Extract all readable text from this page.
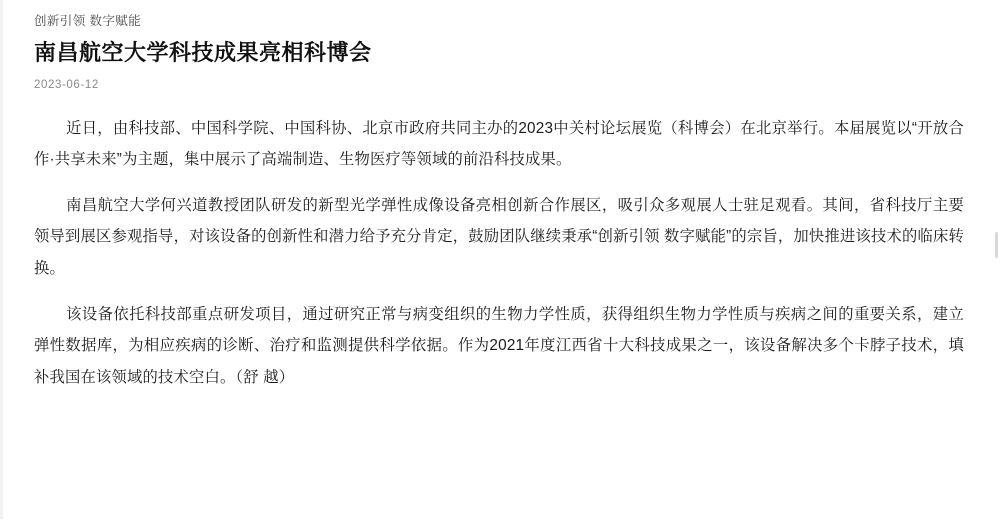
创新引领 数字赋能
南昌航空大学科技成果亮相科博会
2023-06-12

近日，由科技部、中国科学院、中国科协、北京市政府共同主办的2023中关村论坛展览（科博会）在北京举行。本届展览以“开放合作·共享未来”为主题，集中展示了高端制造、生物医疗等领域的前沿科技成果。

南昌航空大学何兴道教授团队研发的新型光学弹性成像设备亮相创新合作展区，吸引众多观展人士驻足观看。其间，省科技厅主要领导到展区参观指导，对该设备的创新性和潜力给予充分肯定，鼓励团队继续秉承“创新引领 数字赋能”的宗旨，加快推进该技术的临床转换。

该设备依托科技部重点研发项目，通过研究正常与病变组织的生物力学性质，获得组织生物力学性质与疾病之间的重要关系，建立弹性数据库，为相应疾病的诊断、治疗和监测提供科学依据。作为2021年度江西省十大科技成果之一，该设备解决多个卡脖子技术，填补我国在该领域的技术空白。（舒 越）
